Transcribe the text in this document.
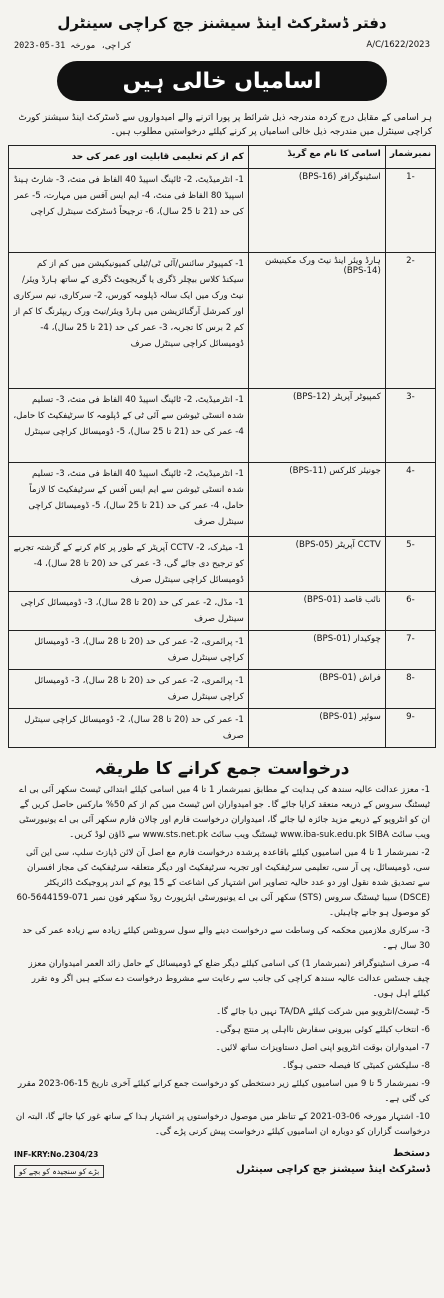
دفتر ڈسٹرکٹ اینڈ سیشنز جج کراچی سینٹرل
کراچی، مورخہ 31-05-2023	A/C/1622/2023
اسامیاں خالی ہیں
ہر اسامی کے مقابل درج کردہ مندرجہ ذیل شرائط پر پورا اترنے والے امیدواروں سے ڈسٹرکٹ اینڈ سیشنز کورٹ کراچی سینٹرل میں مندرجہ ذیل خالی اسامیاں پر کرنے کیلئے درخواستیں مطلوب ہیں۔
نمبرشمار	اسامی کا نام مع گریڈ	کم از کم تعلیمی قابلیت اور عمر کی حد
-1	اسٹینوگرافر (BPS-16)	1- انٹرمیڈیٹ، 2- ٹائپنگ اسپیڈ 40 الفاظ فی منٹ، 3- شارٹ ہینڈ اسپیڈ 80 الفاظ فی منٹ، 4- ایم ایس آفس میں مہارت، 5- عمر کی حد (21 تا 25 سال)، 6- ترجیحاً ڈسٹرکٹ سینٹرل کراچی
-2	ہارڈ ویئر اینڈ نیٹ ورک مکینیشن (BPS-14)	1- کمپیوٹر سائنس/آئی ٹی/ٹیلی کمیونیکیشن میں کم از کم سیکنڈ کلاس بیچلر ڈگری یا گریجویٹ ڈگری کے ساتھ ہارڈ ویئر/نیٹ ورک میں ایک سالہ ڈپلومہ کورس، 2- سرکاری، نیم سرکاری اور کمرشل آرگنائزیشن میں ہارڈ ویئر/نیٹ ورک ریپئرنگ کا کم از کم 2 برس کا تجربہ، 3- عمر کی حد (21 تا 25 سال)، 4- ڈومیسائل کراچی سینٹرل صرف
-3	کمپیوٹر آپریٹر (BPS-12)	1- انٹرمیڈیٹ، 2- ٹائپنگ اسپیڈ 40 الفاظ فی منٹ، 3- تسلیم شدہ انسٹی ٹیوشن سے آئی ٹی کے ڈپلومہ کا سرٹیفکیٹ کا حامل، 4- عمر کی حد (21 تا 25 سال)، 5- ڈومیسائل کراچی سینٹرل
-4	جونیئر کلرکس (BPS-11)	1- انٹرمیڈیٹ، 2- ٹائپنگ اسپیڈ 40 الفاظ فی منٹ، 3- تسلیم شدہ انسٹی ٹیوشن سے ایم ایس آفس کے سرٹیفکیٹ کا لازماً حامل، 4- عمر کی حد (21 تا 25 سال)، 5- ڈومیسائل کراچی سینٹرل صرف
-5	CCTV آپریٹر (BPS-05)	1- میٹرک، 2- CCTV آپریٹر کے طور پر کام کرنے کے گزشتہ تجربے کو ترجیح دی جائے گی، 3- عمر کی حد (20 تا 28 سال)، 4- ڈومیسائل کراچی سینٹرل صرف
-6	نائب قاصد (BPS-01)	1- مڈل، 2- عمر کی حد (20 تا 28 سال)، 3- ڈومیسائل کراچی سینٹرل صرف
-7	چوکیدار (BPS-01)	1- پرائمری، 2- عمر کی حد (20 تا 28 سال)، 3- ڈومیسائل کراچی سینٹرل صرف
-8	فراش (BPS-01)	1- پرائمری، 2- عمر کی حد (20 تا 28 سال)، 3- ڈومیسائل کراچی سینٹرل صرف
-9	سوئپر (BPS-01)	1- عمر کی حد (20 تا 28 سال)، 2- ڈومیسائل کراچی سینٹرل صرف
درخواست جمع کرانے کا طریقہ
1- معزز عدالت عالیہ سندھ کی ہدایت کے مطابق نمبرشمار 1 تا 4 میں اسامی کیلئے ابتدائی ٹیسٹ سکھر آئی بی اے ٹیسٹنگ سروس کے ذریعہ منعقد کرایا جائے گا۔ جو امیدواران اس ٹیسٹ میں کم از کم 50% مارکس حاصل کریں گے ان کو انٹرویو کے ذریعے مزید جائزہ لیا جائے گا، امیدواران درخواست فارم اور چالان فارم سکھر آئی بی اے یونیورسٹی ویب سائٹ www.iba-suk.edu.pk SIBA ٹیسٹنگ ویب سائٹ www.sts.net.pk سے ڈاؤن لوڈ کریں۔
2- نمبرشمار 1 تا 4 میں اسامیوں کیلئے باقاعدہ پرشدہ درخواست فارم مع اصل آن لائن ڈپازٹ سلپ، سی این آئی سی، ڈومیسائل، پی آر سی، تعلیمی سرٹیفکیٹ اور تجربہ سرٹیفکیٹ اور دیگر متعلقہ سرٹیفکیٹ کی مجاز افسران سے تصدیق شدہ نقول اور دو عدد حالیہ تصاویر اس اشتہار کی اشاعت کے 15 یوم کے اندر پروجیکٹ ڈائریکٹر (DSCE) سیبا ٹیسٹنگ سروس (STS) سکھر آئی بی اے یونیورسٹی ایئرپورٹ روڈ سکھر فون نمبر 071-5644159-60 کو موصول ہو جانے چاہیئں۔
3- سرکاری ملازمین محکمہ کی وساطت سے درخواست دینے والے سول سرونٹس کیلئے زیادہ سے زیادہ عمر کی حد 30 سال ہے۔
4- صرف اسٹینوگرافر (نمبرشمار 1) کی اسامی کیلئے دیگر ضلع کے ڈومیسائل کے حامل زائد العمر امیدواران معزز چیف جسٹس عدالت عالیہ سندھ کراچی کی جانب سے رعایت سے مشروط درخواست دے سکتے ہیں اگر وہ تقرر کیلئے اہل ہوں۔
5- ٹیسٹ/انٹرویو میں شرکت کیلئے TA/DA نہیں دیا جائے گا۔
6- انتخاب کیلئے کوئی بیرونی سفارش نااہلی پر منتج ہوگی۔
7- امیدواران بوقت انٹرویو اپنی اصل دستاویزات ساتھ لائیں۔
8- سلیکشن کمیٹی کا فیصلہ حتمی ہوگا۔
9- نمبرشمار 5 تا 9 میں اسامیوں کیلئے زیر دستخطی کو درخواست جمع کرانے کیلئے آخری تاریخ 15-06-2023 مقرر کی گئی ہے۔
10- اشتہار مورخہ 06-03-2021 کے تناظر میں موصول درخواستوں پر اشتہار ہذا کے ساتھ غور کیا جائے گا، البتہ ان درخواست گزاران کو دوبارہ ان اسامیوں کیلئے درخواست پیش کرنی پڑے گی۔
INF-KRY:No.2304/23
بڑے کو سنجیدہ کو بچے کو
دستخط
ڈسٹرکٹ اینڈ سیشنز جج کراچی سینٹرل
